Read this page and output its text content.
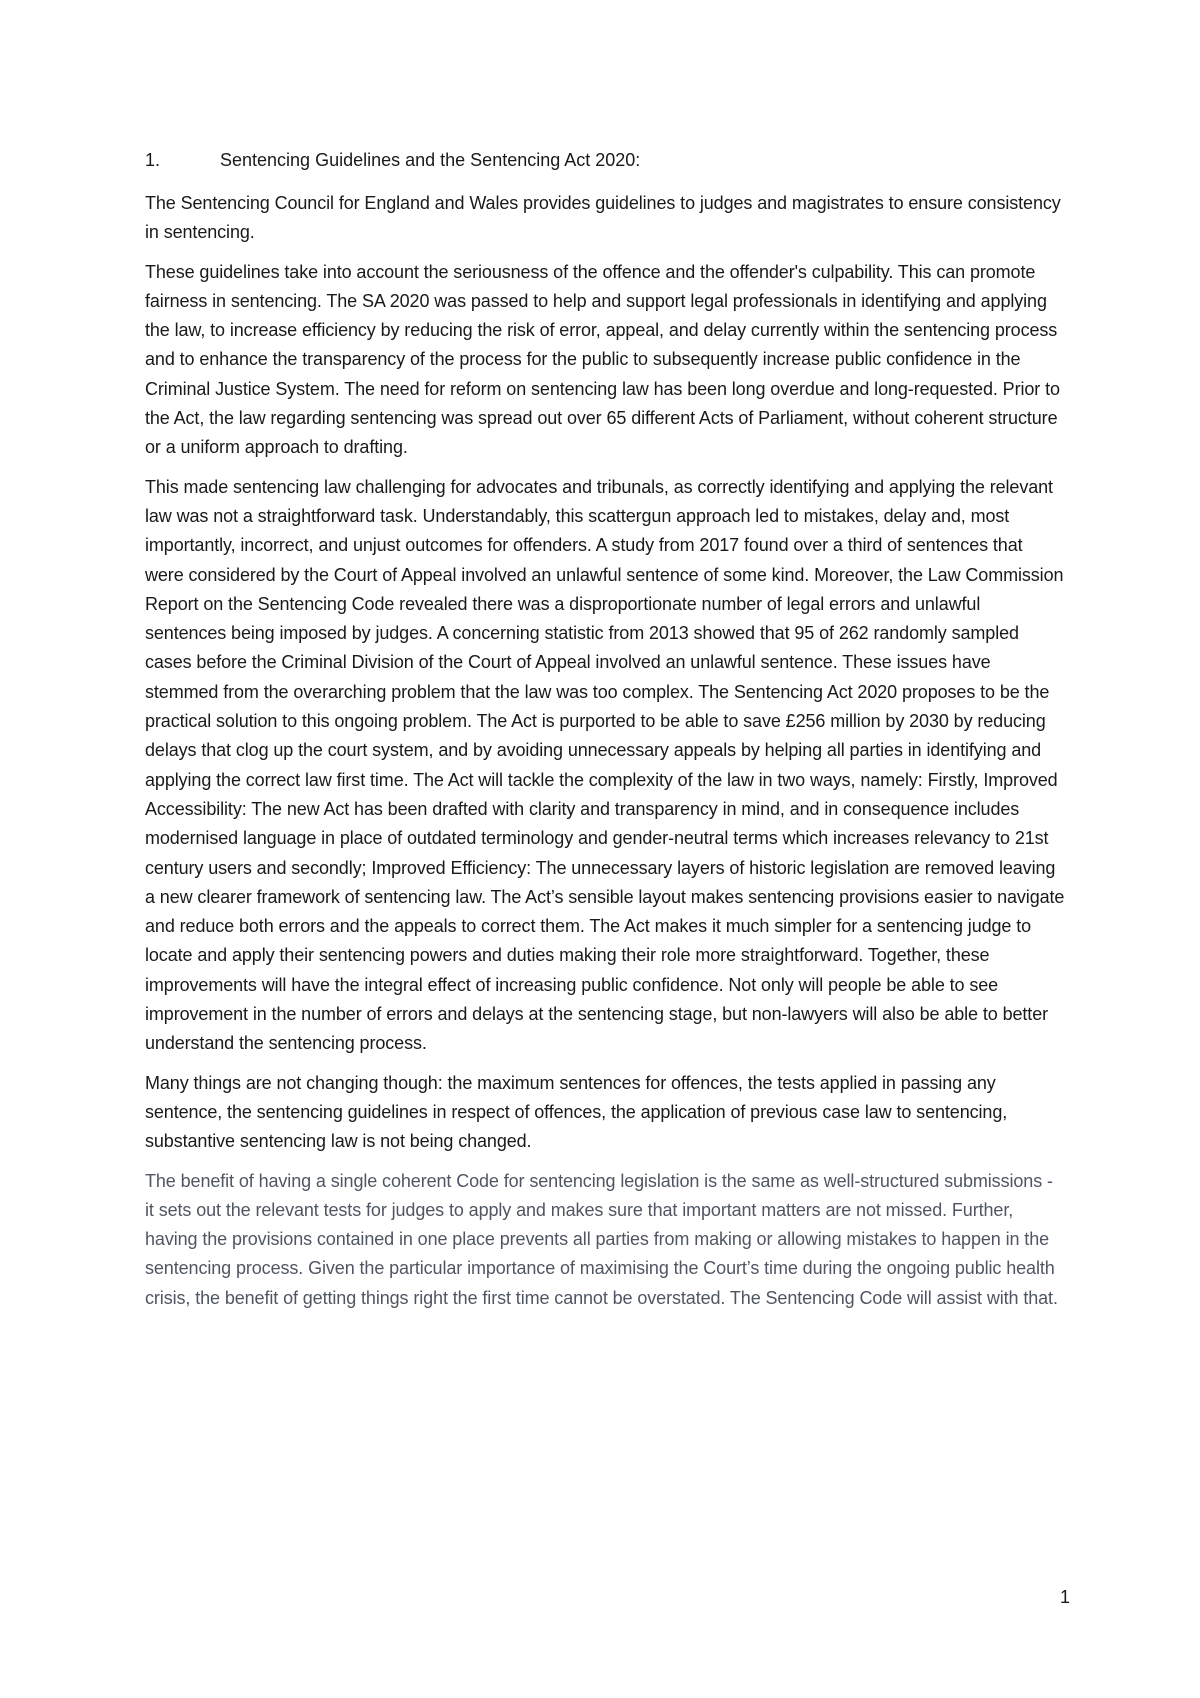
1.	Sentencing Guidelines and the Sentencing Act 2020:

The Sentencing Council for England and Wales provides guidelines to judges and magistrates to ensure consistency in sentencing.

These guidelines take into account the seriousness of the offence and the offender's culpability. This can promote fairness in sentencing. The SA 2020 was passed to help and support legal professionals in identifying and applying the law, to increase efficiency by reducing the risk of error, appeal, and delay currently within the sentencing process and to enhance the transparency of the process for the public to subsequently increase public confidence in the Criminal Justice System. The need for reform on sentencing law has been long overdue and long-requested. Prior to the Act, the law regarding sentencing was spread out over 65 different Acts of Parliament, without coherent structure or a uniform approach to drafting.

This made sentencing law challenging for advocates and tribunals, as correctly identifying and applying the relevant law was not a straightforward task. Understandably, this scattergun approach led to mistakes, delay and, most importantly, incorrect, and unjust outcomes for offenders. A study from 2017 found over a third of sentences that were considered by the Court of Appeal involved an unlawful sentence of some kind. Moreover, the Law Commission Report on the Sentencing Code revealed there was a disproportionate number of legal errors and unlawful sentences being imposed by judges. A concerning statistic from 2013 showed that 95 of 262 randomly sampled cases before the Criminal Division of the Court of Appeal involved an unlawful sentence. These issues have stemmed from the overarching problem that the law was too complex. The Sentencing Act 2020 proposes to be the practical solution to this ongoing problem. The Act is purported to be able to save £256 million by 2030 by reducing delays that clog up the court system, and by avoiding unnecessary appeals by helping all parties in identifying and applying the correct law first time. The Act will tackle the complexity of the law in two ways, namely: Firstly, Improved Accessibility: The new Act has been drafted with clarity and transparency in mind, and in consequence includes modernised language in place of outdated terminology and gender-neutral terms which increases relevancy to 21st century users and secondly; Improved Efficiency: The unnecessary layers of historic legislation are removed leaving a new clearer framework of sentencing law. The Act’s sensible layout makes sentencing provisions easier to navigate and reduce both errors and the appeals to correct them. The Act makes it much simpler for a sentencing judge to locate and apply their sentencing powers and duties making their role more straightforward. Together, these improvements will have the integral effect of increasing public confidence. Not only will people be able to see improvement in the number of errors and delays at the sentencing stage, but non-lawyers will also be able to better understand the sentencing process.

Many things are not changing though: the maximum sentences for offences, the tests applied in passing any sentence, the sentencing guidelines in respect of offences, the application of previous case law to sentencing, substantive sentencing law is not being changed.

The benefit of having a single coherent Code for sentencing legislation is the same as well-structured submissions - it sets out the relevant tests for judges to apply and makes sure that important matters are not missed. Further, having the provisions contained in one place prevents all parties from making or allowing mistakes to happen in the sentencing process. Given the particular importance of maximising the Court’s time during the ongoing public health crisis, the benefit of getting things right the first time cannot be overstated. The Sentencing Code will assist with that.

1
